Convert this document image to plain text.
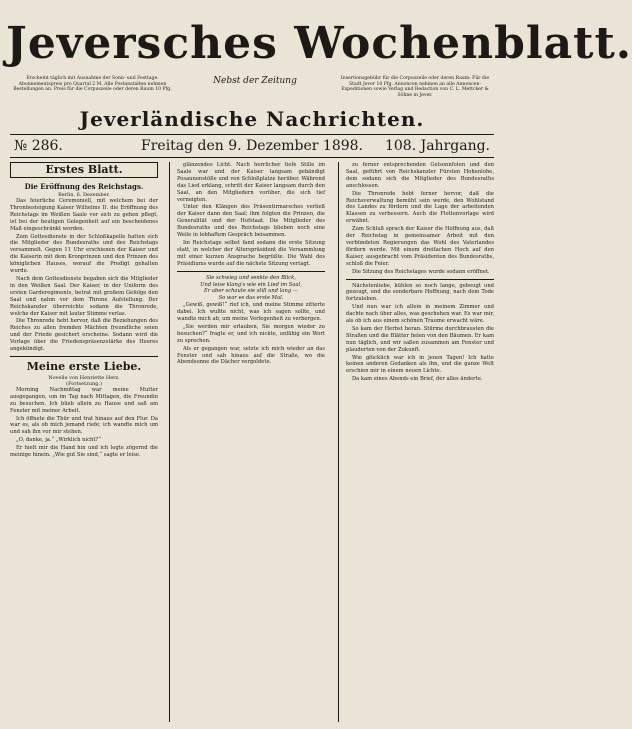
Jeversches Wochenblatt.
Erscheint täglich mit Ausnahme der Sonn- und Festtage. Abonnementspreis pro Quartal 2 M. Alle Postanstalten nehmen Bestellungen an. Preis für die Corpuszeile oder deren Raum 10 Pfg.
Nebst der Zeitung	Insertionsgebühr für die Corpuszeile oder deren Raum: Für die Stadt Jever 10 Pfg. Annoncen nehmen an alle Annoncen-Expeditionen sowie Verlag und Redaction von C. L. Mettcker & Söhne in Jever.
Jeverländische Nachrichten.
№ 286.	Freitag den 9. Dezember 1898.	108. Jahrgang.
Erstes Blatt.
Die Eröffnung des Reichstags.
Berlin, 6. Dezember.

Das feierliche Ceremoniell, mit welchem bei der Thronbesteigung Kaiser Wilhelms II. die Eröffnung des Reichstags im Weißen Saale vor sich zu gehen pflegt, ist bei der heutigen Gelegenheit auf ein bescheidenes Maß eingeschränkt worden.

Zum Gottesdienste in der Schloßkapelle hatten sich die Mitglieder des Bundesraths und des Reichstags versammelt. Gegen 11 Uhr erschienen der Kaiser und die Kaiserin mit dem Kronprinzen und den Prinzen des königlichen Hauses, worauf die Predigt gehalten wurde.

Nach dem Gottesdienste begaben sich die Mitglieder in den Weißen Saal. Der Kaiser, in der Uniform des ersten Garderegiments, betrat mit großem Gefolge den Saal und nahm vor dem Throne Aufstellung. Der Reichskanzler überreichte sodann die Thronrede, welche der Kaiser mit lauter Stimme verlas.

Die Thronrede hebt hervor, daß die Beziehungen des Reiches zu allen fremden Mächten freundliche seien und der Friede gesichert erscheine. Sodann wird die Vorlage über die Friedenspräsenzstärke des Heeres angekündigt.

Meine erste Liebe.
Novelle von Henriette Herz.
(Fortsetzung.)

Morning Nachmittag war meine Mutter ausgegangen, um im Tag nach Mittagen, die Freundin zu besuchen. Ich blieb allein zu Hause und saß am Fenster mit meiner Arbeit.

Ich öffnete die Thür und trat hinaus auf den Flur. Da war es, als ob mich jemand riefe; ich wandte mich um und sah ihn vor mir stehen.

„O, danke, ja.“ „Wirklich nicht?“

Er hielt mir die Hand hin und ich legte zögernd die meinige hinein. „Wie gut Sie sind,“ sagte er leise.

glänzendes Licht. Nach herrlicher tiefe Stille im Saale war und der Kaiser langsam gebändigt Posaunenstöße und von Schloßplatze herüber. Während das Lied erklang, schritt der Kaiser langsam durch den Saal, an den Mitgliedern vorüber, die sich tief verneigten.

Unter den Klängen des Präsentirmarsches verließ der Kaiser dann den Saal; ihm folgten die Prinzen, die Generalität und der Hofstaat. Die Mitglieder des Bundesraths und des Reichstags blieben noch eine Weile in lebhaftem Gespräch beisammen.

Im Reichstage selbst fand sodann die erste Sitzung statt, in welcher der Alterspräsident die Versammlung mit einer kurzen Ansprache begrüßte. Die Wahl des Präsidiums wurde auf die nächste Sitzung vertagt.

Sie schwieg und senkte den Blick,
Und leise klang's wie ein Lied im Saal,
Er aber schaute sie still und lang —
So war es das erste Mal.

„Gewiß, gewiß!“ rief ich, und meine Stimme zitterte dabei. Ich wußte nicht, was ich sagen sollte, und wandte mich ab, um meine Verlegenheit zu verbergen.

„Sie werden mir erlauben, Sie morgen wieder zu besuchen?“ fragte er, und ich nickte, unfähig ein Wort zu sprechen.

Als er gegangen war, setzte ich mich wieder an das Fenster und sah hinaus auf die Straße, wo die Abendsonne die Dächer vergoldete.

zu ferner entsprechenden Gelsonnfoten und den Saal, geführt von Reichskanzler Fürsten Hohenlohe, dem sodann sich die Mitglieder des Bundesraths anschlossen.

Die Thronrede hebt ferner hervor, daß die Reichsverwaltung bemüht sein werde, den Wohlstand des Landes zu fördern und die Lage der arbeitenden Klassen zu verbessern. Auch die Flottenvorlage wird erwähnt.

Zum Schluß sprach der Kaiser die Hoffnung aus, daß der Reichstag in gemeinsamer Arbeit mit den verbündeten Regierungen das Wohl des Vaterlandes fördern werde. Mit einem dreifachen Hoch auf den Kaiser, ausgebracht vom Präsidenten des Bundesraths, schloß die Feier.

Die Sitzung des Reichstages wurde sodann eröffnet.

Nächstenliebe, kühlen so noch lange, gebeugt und gezeugt, und die sonderbare Hoffnung, nach dem Tode fortzuleben.

Und nun war ich allein in meinem Zimmer und dachte nach über alles, was geschehen war. Es war mir, als ob ich aus einem schönen Traume erwacht wäre.

So kam der Herbst heran. Stürme durchbrausten die Straßen und die Blätter fielen von den Bäumen. Er kam nun täglich, und wir saßen zusammen am Fenster und plauderten von der Zukunft.

Wie glücklich war ich in jenen Tagen! Ich hatte keinen anderen Gedanken als ihn, und die ganze Welt erschien mir in einem neuen Lichte.

Da kam eines Abends ein Brief, der alles änderte.
